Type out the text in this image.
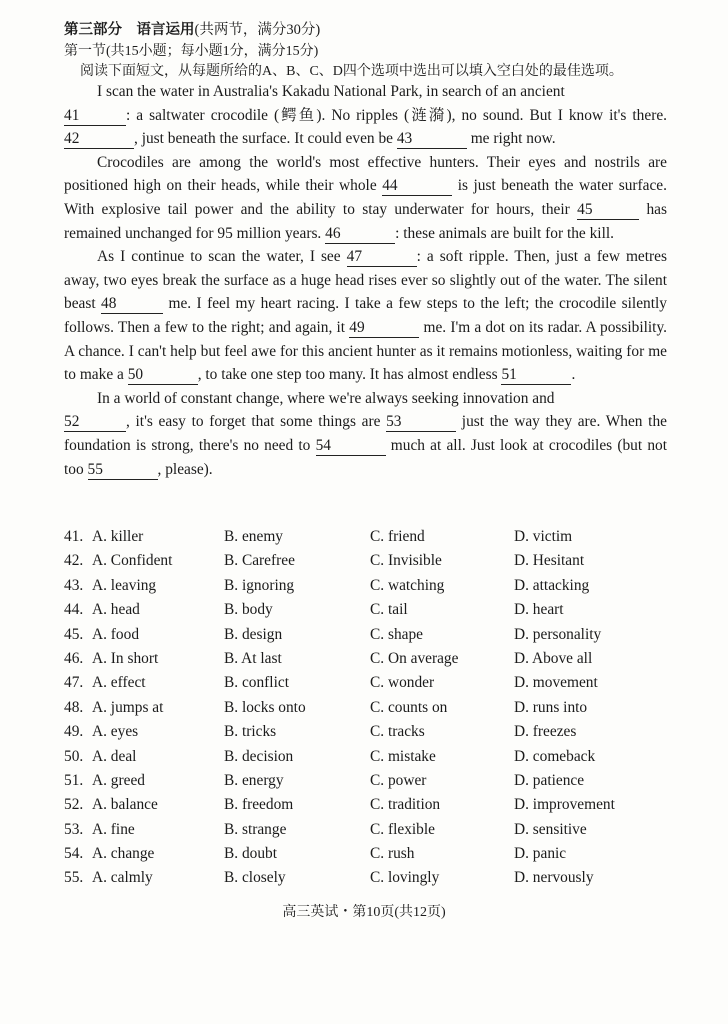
第三部分　语言运用(共两节，满分30分)
第一节(共15小题；每小题1分，满分15分)
阅读下面短文，从每题所给的A、B、C、D四个选项中选出可以填入空白处的最佳选项。

I scan the water in Australia's Kakadu National Park, in search of an ancient
41	: a saltwater crocodile (鳄鱼). No ripples (涟漪), no sound. But I know it's there. 42	, just beneath the surface. It could even be 43	me right now.

Crocodiles are among the world's most effective hunters. Their eyes and nostrils are positioned high on their heads, while their whole 44	is just beneath the water surface. With explosive tail power and the ability to stay underwater for hours, their 45	has remained unchanged for 95 million years. 46	: these animals are built for the kill.

As I continue to scan the water, I see 47	: a soft ripple. Then, just a few metres away, two eyes break the surface as a huge head rises ever so slightly out of the water. The silent beast 48	me. I feel my heart racing. I take a few steps to the left; the crocodile silently follows. Then a few to the right; and again, it 49	me. I'm a dot on its radar. A possibility. A chance. I can't help but feel awe for this ancient hunter as it remains motionless, waiting for me to make a 50	, to take one step too many. It has almost endless 51	.

In a world of constant change, where we're always seeking innovation and
52	, it's easy to forget that some things are 53	just the way they are. When the foundation is strong, there's no need to 54	much at all. Just look at crocodiles (but not too 55	, please).

41. A. killer	B. enemy	C. friend	D. victim
42. A. Confident	B. Carefree	C. Invisible	D. Hesitant
43. A. leaving	B. ignoring	C. watching	D. attacking
44. A. head	B. body	C. tail	D. heart
45. A. food	B. design	C. shape	D. personality
46. A. In short	B. At last	C. On average	D. Above all
47. A. effect	B. conflict	C. wonder	D. movement
48. A. jumps at	B. locks onto	C. counts on	D. runs into
49. A. eyes	B. tricks	C. tracks	D. freezes
50. A. deal	B. decision	C. mistake	D. comeback
51. A. greed	B. energy	C. power	D. patience
52. A. balance	B. freedom	C. tradition	D. improvement
53. A. fine	B. strange	C. flexible	D. sensitive
54. A. change	B. doubt	C. rush	D. panic
55. A. calmly	B. closely	C. lovingly	D. nervously
高三英试・第10页(共12页)
